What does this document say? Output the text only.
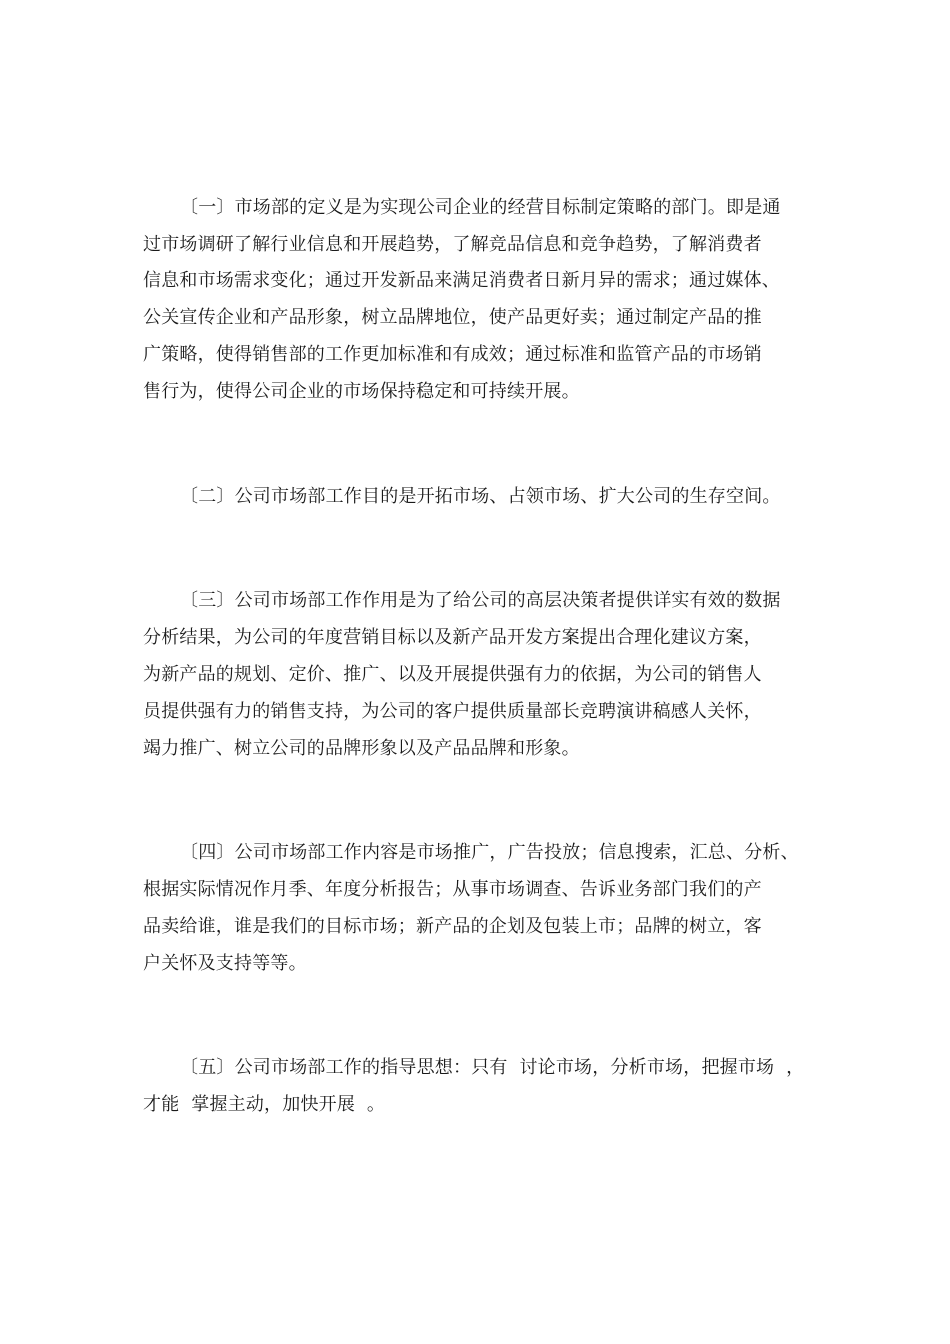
〔一〕市场部的定义是为实现公司企业的经营目标制定策略的部门。即是通
过市场调研了解行业信息和开展趋势，了解竞品信息和竞争趋势，了解消费者
信息和市场需求变化；通过开发新品来满足消费者日新月异的需求；通过媒体、
公关宣传企业和产品形象，树立品牌地位，使产品更好卖；通过制定产品的推
广策略，使得销售部的工作更加标准和有成效；通过标准和监管产品的市场销
售行为，使得公司企业的市场保持稳定和可持续开展。
〔二〕公司市场部工作目的是开拓市场、占领市场、扩大公司的生存空间。
〔三〕公司市场部工作作用是为了给公司的高层决策者提供详实有效的数据
分析结果，为公司的年度营销目标以及新产品开发方案提出合理化建议方案，
为新产品的规划、定价、推广、以及开展提供强有力的依据，为公司的销售人
员提供强有力的销售支持，为公司的客户提供质量部长竞聘演讲稿感人关怀，
竭力推广、树立公司的品牌形象以及产品品牌和形象。
〔四〕公司市场部工作内容是市场推广，广告投放；信息搜索，汇总、分析、
根据实际情况作月季、年度分析报告；从事市场调查、告诉业务部门我们的产
品卖给谁，谁是我们的目标市场；新产品的企划及包装上市；品牌的树立，客
户关怀及支持等等。
〔五〕公司市场部工作的指导思想：只有  讨论市场，分析市场，把握市场  ，
才能  掌握主动，加快开展  。
